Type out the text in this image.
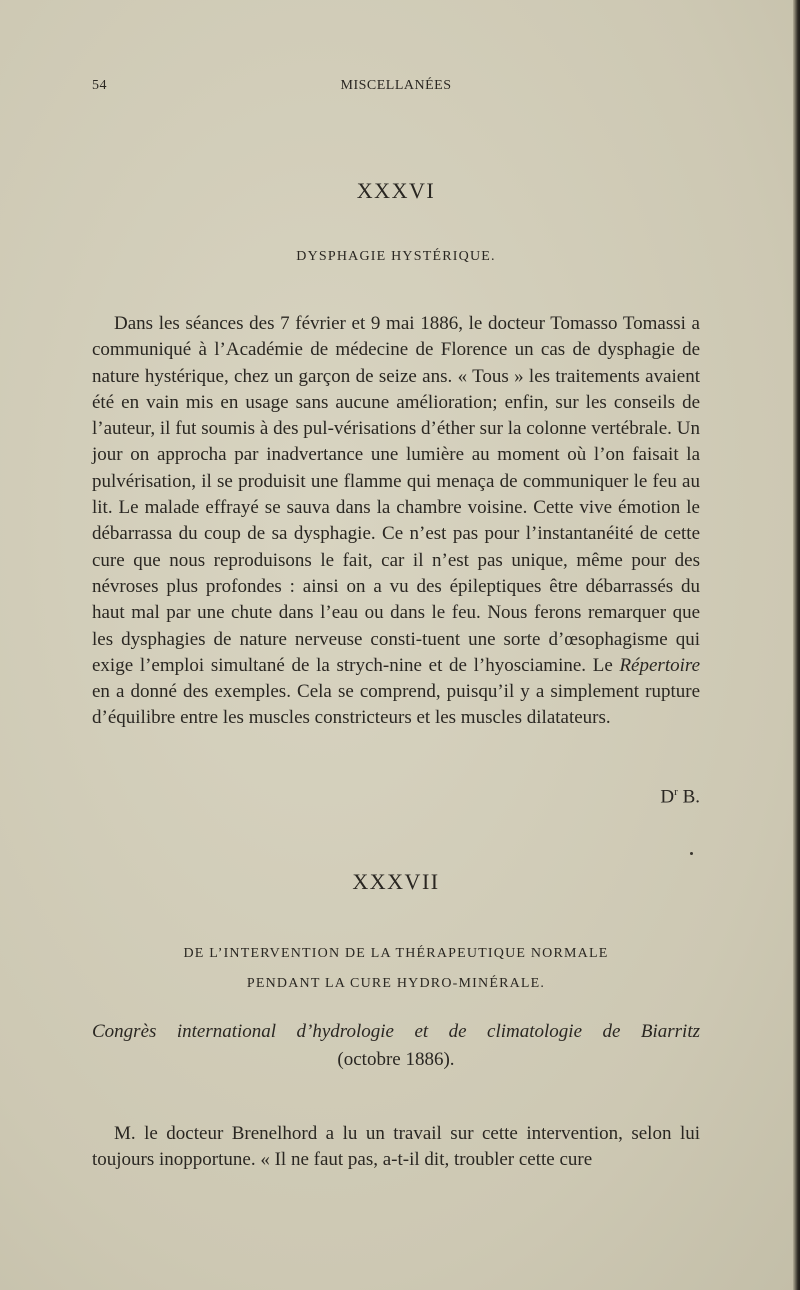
54	MISCELLANÉES
XXXVI
DYSPHAGIE HYSTÉRIQUE.

Dans les séances des 7 février et 9 mai 1886, le docteur Tomasso Tomassi a communiqué à l’Académie de médecine de Florence un cas de dysphagie de nature hystérique, chez un garçon de seize ans. « Tous » les traitements avaient été en vain mis en usage sans aucune amélioration; enfin, sur les conseils de l’auteur, il fut soumis à des pul-vérisations d’éther sur la colonne vertébrale. Un jour on approcha par inadvertance une lumière au moment où l’on faisait la pulvérisation, il se produisit une flamme qui menaça de communiquer le feu au lit. Le malade effrayé se sauva dans la chambre voisine. Cette vive émotion le débarrassa du coup de sa dysphagie. Ce n’est pas pour l’instantanéité de cette cure que nous reproduisons le fait, car il n’est pas unique, même pour des névroses plus profondes : ainsi on a vu des épileptiques être débarrassés du haut mal par une chute dans l’eau ou dans le feu. Nous ferons remarquer que les dysphagies de nature nerveuse consti-tuent une sorte d’œsophagisme qui exige l’emploi simultané de la strych-nine et de l’hyosciamine. Le Répertoire en a donné des exemples. Cela se comprend, puisqu’il y a simplement rupture d’équilibre entre les muscles constricteurs et les muscles dilatateurs.

$D^r$ B.
XXXVII
DE L’INTERVENTION DE LA THÉRAPEUTIQUE NORMALE
PENDANT LA CURE HYDRO-MINÉRALE.
Congrès international d’hydrologie et de climatologie de Biarritz
(octobre 1886).

M. le docteur Brenelhord a lu un travail sur cette intervention, selon lui toujours inopportune. « Il ne faut pas, a-t-il dit, troubler cette cure
